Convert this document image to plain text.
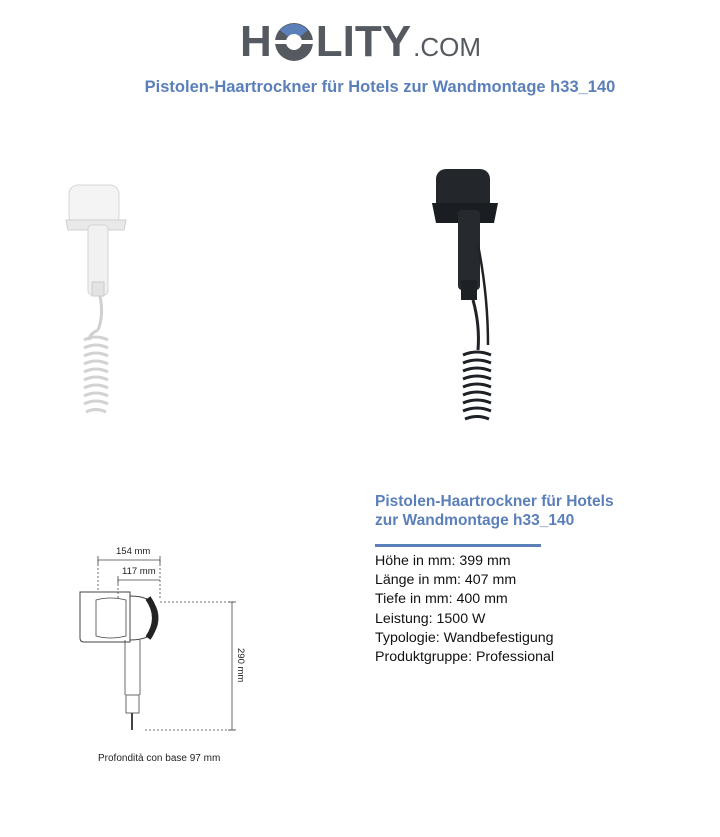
H LITY .COM
Pistolen-Haartrockner für Hotels zur Wandmontage h33_140
154 mm
117 mm
290 mm
Profondità con base 97 mm

Pistolen-Haartrockner für Hotels

zur Wandmontage h33_140

Höhe in mm: 399 mm
Länge in mm: 407 mm
Tiefe in mm: 400 mm
Leistung: 1500 W
Typologie: Wandbefestigung
Produktgruppe: Professional
